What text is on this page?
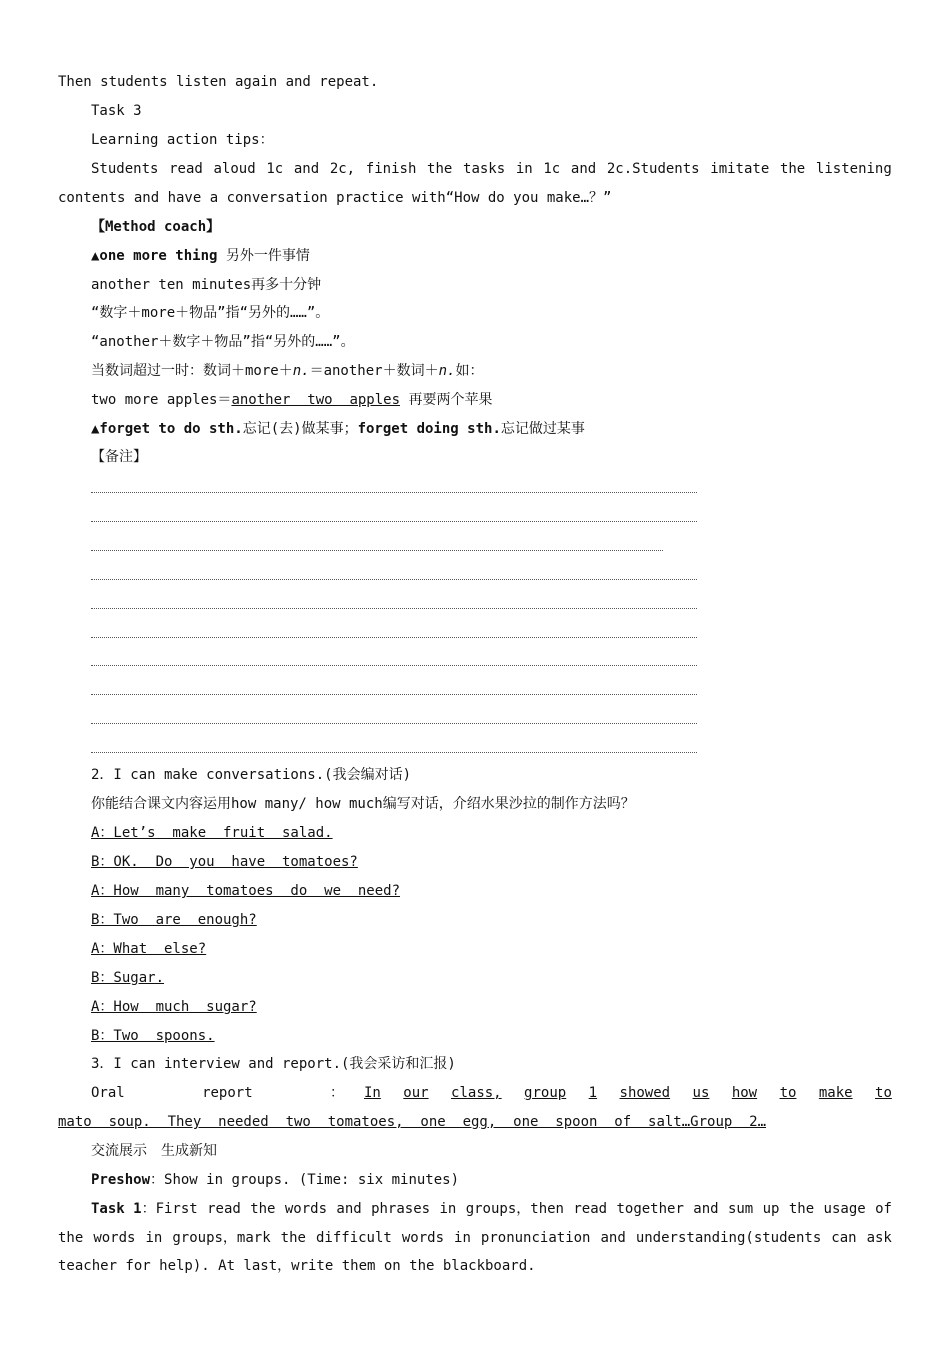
Then students listen again and repeat.
Task 3
Learning action tips：
Students read aloud 1c and 2c, finish the tasks in 1c and 2c.Students imitate the listening
contents and have a conversation practice with“How do you make…？”
【Method coach】
▲one more thing 另外一件事情
another ten minutes再多十分钟
“数字＋more＋物品”指“另外的……”。
“another＋数字＋物品”指“另外的……”。
当数词超过一时：数词＋more＋n.＝another＋数词＋n.如：
two more apples＝another  two  apples 再要两个苹果
▲forget to do sth.忘记(去)做某事；forget doing sth.忘记做过某事
【备注】
2．I can make conversations.(我会编对话)
你能结合课文内容运用how many/ how much编写对话，介绍水果沙拉的制作方法吗？
A：Let’s  make  fruit  salad.
B：OK.  Do  you  have  tomatoes?
A：How  many  tomatoes  do  we  need?
B：Two  are  enough?
A：What  else?
B：Sugar.
A：How  much  sugar?
B：Two  spoons.
3．I can interview and report.(我会采访和汇报)
Oral	report	： In our class, group 1 showed us how to make to
mato  soup.  They  needed  two  tomatoes,  one  egg,  one  spoon  of  salt…Group  2…
交流展示　生成新知
Preshow：Show in groups. (Time: six minutes)
Task 1：First read the words and phrases in groups，then read together and sum up the usage of
the words in groups，mark the difficult words in pronunciation and understanding(students can ask
teacher for help). At last，write them on the blackboard.
